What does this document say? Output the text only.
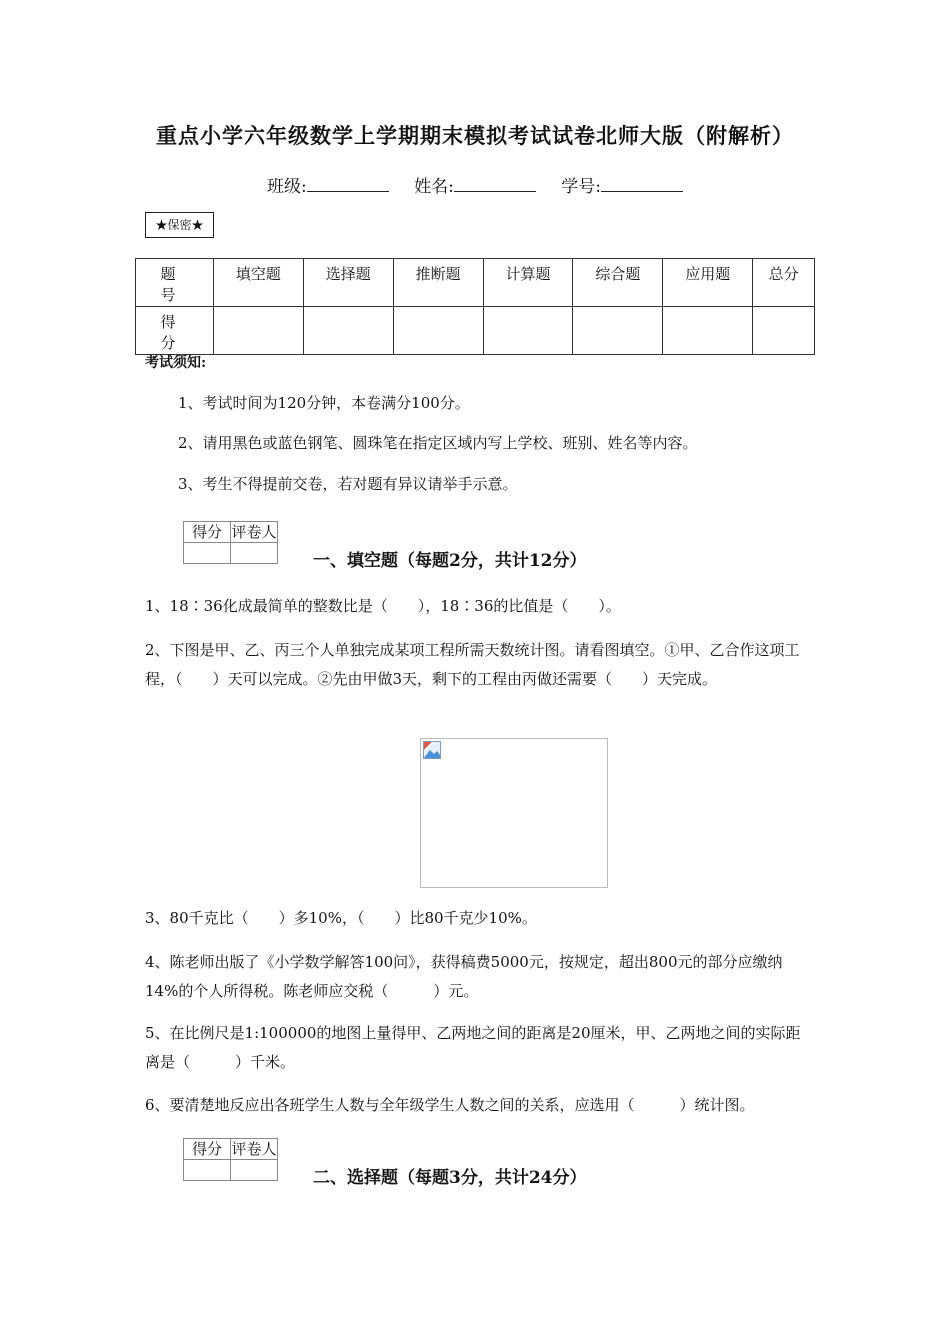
重点小学六年级数学上学期期末模拟考试试卷北师大版（附解析）
班级:	姓名:	学号:
★保密★
题　号	填空题	选择题	推断题	计算题	综合题	应用题	总分
得　分							
考试须知:
1、考试时间为120分钟，本卷满分100分。
2、请用黑色或蓝色钢笔、圆珠笔在指定区域内写上学校、班别、姓名等内容。
3、考生不得提前交卷，若对题有异议请举手示意。
得分	评卷人

一、填空题（每题2分，共计12分）
1、18∶36化成最简单的整数比是（　　），18∶36的比值是（　　）。
2、下图是甲、乙、丙三个人单独完成某项工程所需天数统计图。请看图填空。①甲、乙合作这项工程，（　　）天可以完成。②先由甲做3天，剩下的工程由丙做还需要（　　）天完成。
3、80千克比（　　）多10%，（　　）比80千克少10%。
4、陈老师出版了《小学数学解答100问》，获得稿费5000元，按规定，超出800元的部分应缴纳14%的个人所得税。陈老师应交税（　　　）元。
5、在比例尺是1:100000的地图上量得甲、乙两地之间的距离是20厘米，甲、乙两地之间的实际距离是（　　　）千米。
6、要清楚地反应出各班学生人数与全年级学生人数之间的关系，应选用（　　　）统计图。
得分	评卷人

二、选择题（每题3分，共计24分）
